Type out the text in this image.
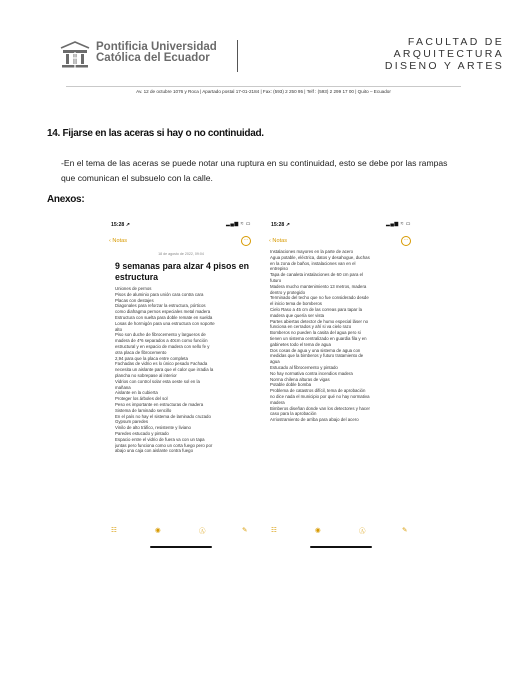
Pontificia Universidad
Católica del Ecuador
FACULTAD DE ARQUITECTURA
DISENO Y ARTES
Av. 12 de octubre 1076 y Roca | Apartado postal 17-01-2184 | Fax: (593) 2 250 95 | Telf : (593) 2 299 17 00 | Quito – Ecuador
14. Fijarse en las aceras si hay o no continuidad.
-En el tema de las aceras se puede notar una ruptura en su continuidad, esto se debe por las rampas
que comunican el subsuelo con la calle.
Anexos:
15:28 ↗	▂▄▆ ≈ ▭
‹ Notas	···
18 de agosto de 2022, 09:04
9 semanas para alzar 4 pisos en estructura
Uniones de pernos
Pisos de aluminio para unión cara contra cara
Placas con destajes
Diagonales para reforzar la estructura, pórticos
como diafragma pernos especiales metal madera
Estructura con suelta para doble remate en suelda
Losas de hormigón para una estructura con soporte
alto
Piso son duche de fibrocemento y largueros de
madera de 4*6 separados a 40cm como función
estructural y en espacio de madera con sello fe y
otra placa de fibrocemento
2,94 para que la placa entre completa
Fachadas de vidrio es lo único pesado Fachada
necesita un aislante para que el calor que irradia la
plancha no sobrepase al interior
Vidrios con control solar esta oeste sol en la
mañana
Aislante en la cubierta
Proteger los árboles del sol
Peso es importante en estructuras de madera
Sistema de laminado sencillo
En el país no hay el sistema de laminado cruzado
Gypsum paredes
Vinilo de alto tráfico, resistente y liviano
Paredes estucado y pintado
Espacio entre el vidrio de fuera va con un tapa
juntas pero funciona como un corta fuego pero por
abajo una caja con aislante contra fuego
☷	◉	Ⓐ	✎
15:28 ↗	▂▄▆ ≈ ▭
‹ Notas	···
Instalaciones mayores en la parte de acero
Agua potable, eléctrica, datos y desahogue, duchas
en la zona de baños, instalaciones van en el
entrepiso
Tapa de canaleta instalaciones de 60 cm para el
futuro
Madera mucho mantenimiento 13 metros, madera
dentro y protegido
Terminado del techo que no fue considerado desde
el inicio tema de bomberos
Cielo Raso a 45 cm de las correas para tapar la
madera que quería ser vista
Partes abiertas detector de humo especial láser no
funciona en cerrados y ahí si va cielo razo
Bomberos no pueden la casita del agua pero si
tienen un sistema centralizado en guardia fila y en
gabinetes todo el tema de agua
Dos cosas de agua y una sistema de agua con
medidas que la bimberos y futuro tratamiento de
agua
Estucado al fibrocemento y pintado
No hay normativa contra incendios madera
Norma chilena alturas de vigas
Potable doble bomba
Problema de catastros difícil, tema de aprobación
no dice nada el municipio por qué no hay normativa
madera
Bimberos diseñan donde van los detectores y hacer
caso para la aprobación
Arriostramiento de arriba para abajo del acero
☷	◉	Ⓐ	✎
